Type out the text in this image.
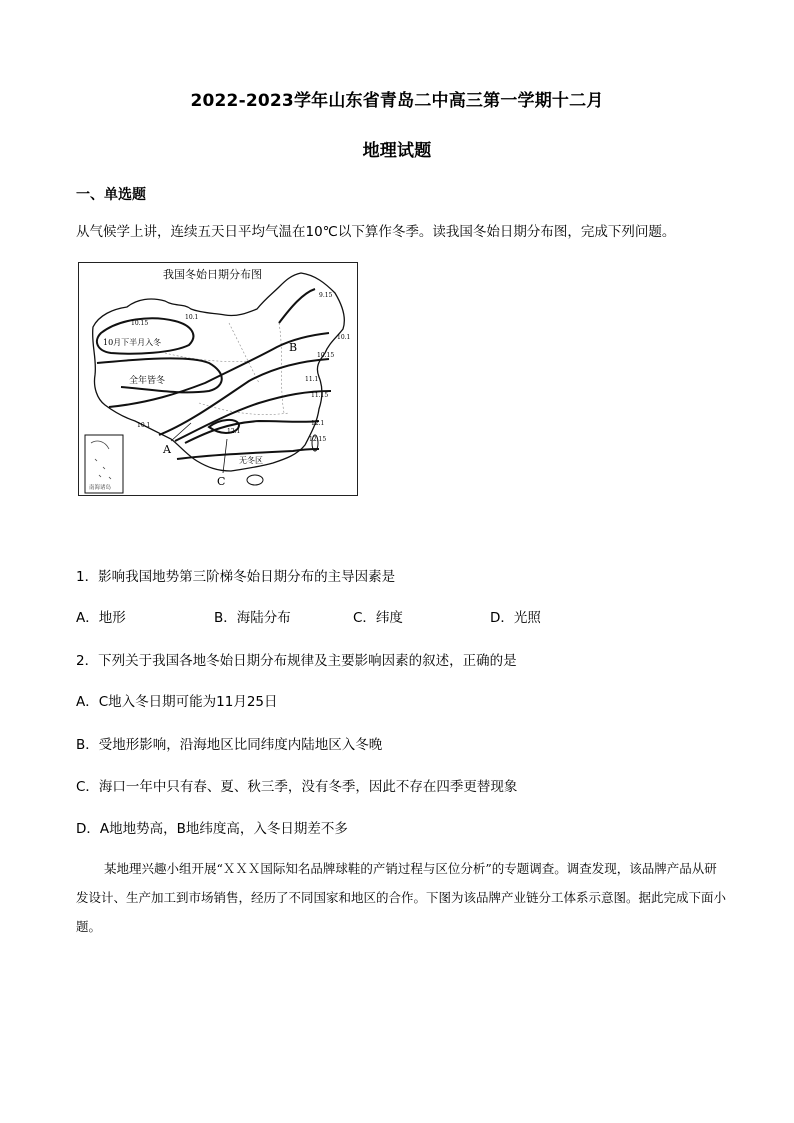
2022-2023学年山东省青岛二中高三第一学期十二月
地理试题
一、单选题
从气候学上讲，连续五天日平均气温在10℃以下算作冬季。读我国冬始日期分布图，完成下列问题。
我国冬始日期分布图
南海诸岛
10月下半月入冬
全年皆冬
无冬区
10.15
10.1
9.15
10.1
10.15
11.1
11.15
12.1
12.15
10.1
12.1
A
B
C
1．影响我国地势第三阶梯冬始日期分布的主导因素是
A．地形	B．海陆分布	C．纬度	D．光照
2．下列关于我国各地冬始日期分布规律及主要影响因素的叙述，正确的是
A．C地入冬日期可能为11月25日
B．受地形影响，沿海地区比同纬度内陆地区入冬晚
C．海口一年中只有春、夏、秋三季，没有冬季，因此不存在四季更替现象
D．A地地势高，B地纬度高，入冬日期差不多
某地理兴趣小组开展“ＸＸＸ国际知名品牌球鞋的产销过程与区位分析”的专题调查。调查发现，该品牌产品从研发设计、生产加工到市场销售，经历了不同国家和地区的合作。下图为该品牌产业链分工体系示意图。据此完成下面小题。
